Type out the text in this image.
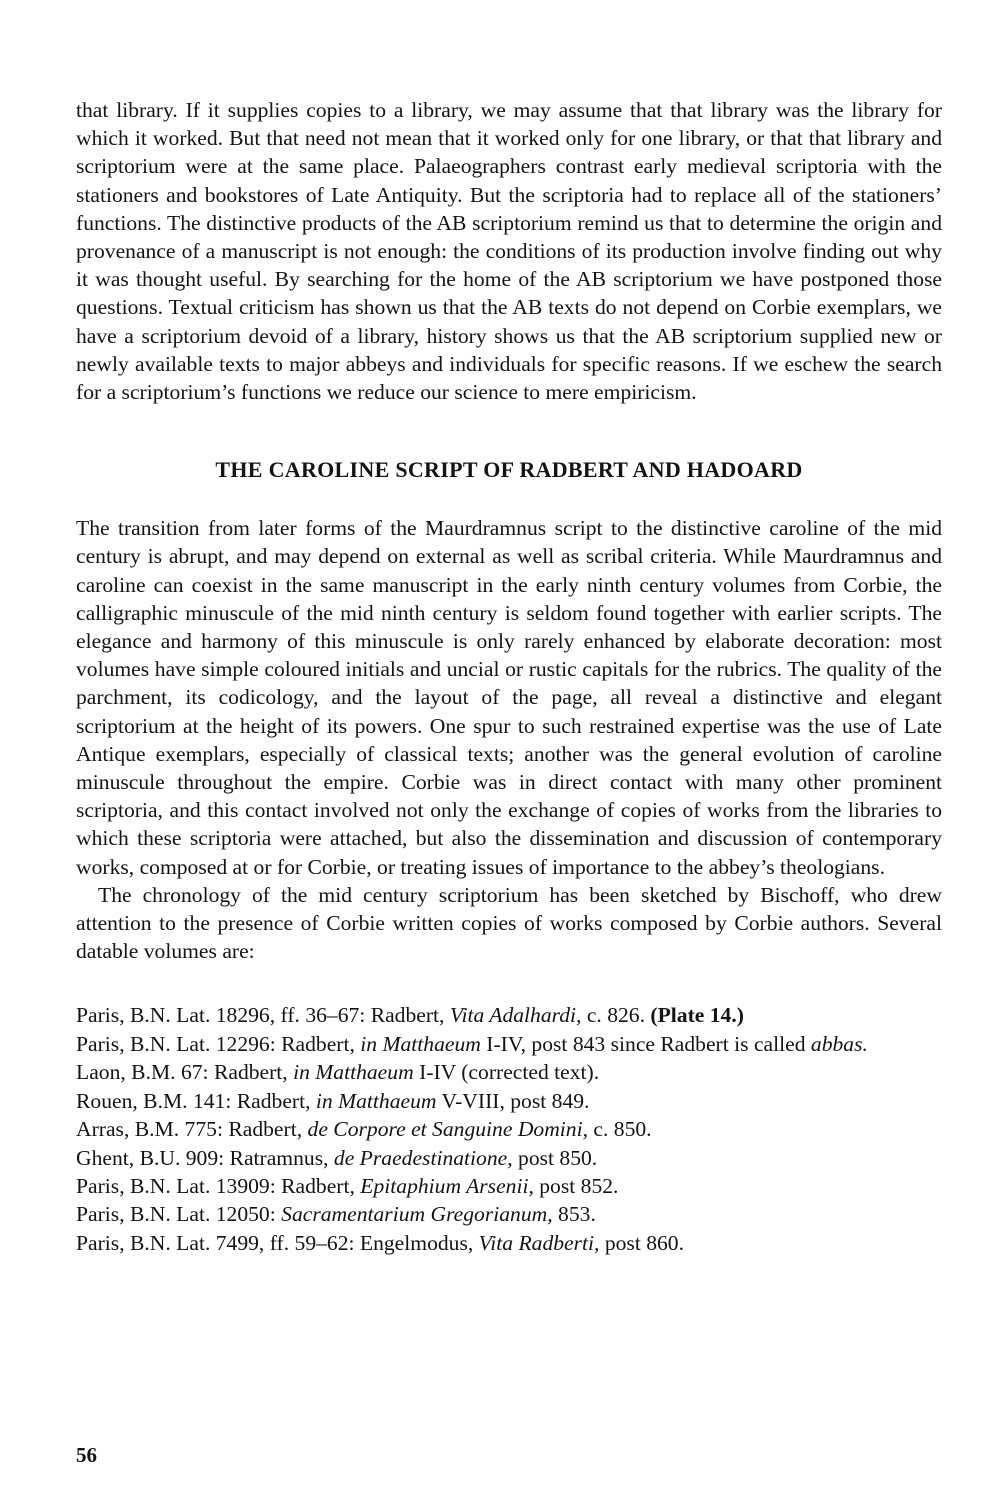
that library. If it supplies copies to a library, we may assume that that library was the library for which it worked. But that need not mean that it worked only for one library, or that that library and scriptorium were at the same place. Palaeographers contrast early medieval scriptoria with the stationers and bookstores of Late Antiquity. But the scriptoria had to replace all of the stationers’ functions. The distinctive products of the AB scriptorium remind us that to determine the origin and provenance of a manuscript is not enough: the conditions of its production involve finding out why it was thought useful. By searching for the home of the AB scriptorium we have postponed those questions. Textual criticism has shown us that the AB texts do not depend on Corbie exemplars, we have a scriptorium devoid of a library, history shows us that the AB scriptorium supplied new or newly available texts to major abbeys and individuals for specific reasons. If we eschew the search for a scriptorium’s functions we reduce our science to mere empiricism.

THE CAROLINE SCRIPT OF RADBERT AND HADOARD

The transition from later forms of the Maurdramnus script to the distinctive caroline of the mid century is abrupt, and may depend on external as well as scribal criteria. While Maurdramnus and caroline can coexist in the same manuscript in the early ninth century volumes from Corbie, the calligraphic minuscule of the mid ninth century is seldom found together with earlier scripts. The elegance and harmony of this minuscule is only rarely enhanced by elaborate decoration: most volumes have simple coloured initials and uncial or rustic capitals for the rubrics. The quality of the parchment, its codicology, and the layout of the page, all reveal a distinctive and elegant scriptorium at the height of its powers. One spur to such restrained expertise was the use of Late Antique exemplars, especially of classical texts; another was the general evolution of caroline minuscule throughout the empire. Corbie was in direct contact with many other prominent scriptoria, and this contact involved not only the exchange of copies of works from the libraries to which these scriptoria were attached, but also the dissemination and discussion of contemporary works, composed at or for Corbie, or treating issues of importance to the abbey’s theologians.

The chronology of the mid century scriptorium has been sketched by Bischoff, who drew attention to the presence of Corbie written copies of works composed by Corbie authors. Several datable volumes are:

Paris, B.N. Lat. 18296, ff. 36–67: Radbert, Vita Adalhardi, c. 826. (Plate 14.)
Paris, B.N. Lat. 12296: Radbert, in Matthaeum I-IV, post 843 since Radbert is called abbas.
Laon, B.M. 67: Radbert, in Matthaeum I-IV (corrected text).
Rouen, B.M. 141: Radbert, in Matthaeum V-VIII, post 849.
Arras, B.M. 775: Radbert, de Corpore et Sanguine Domini, c. 850.
Ghent, B.U. 909: Ratramnus, de Praedestinatione, post 850.
Paris, B.N. Lat. 13909: Radbert, Epitaphium Arsenii, post 852.
Paris, B.N. Lat. 12050: Sacramentarium Gregorianum, 853.
Paris, B.N. Lat. 7499, ff. 59–62: Engelmodus, Vita Radberti, post 860.
56
